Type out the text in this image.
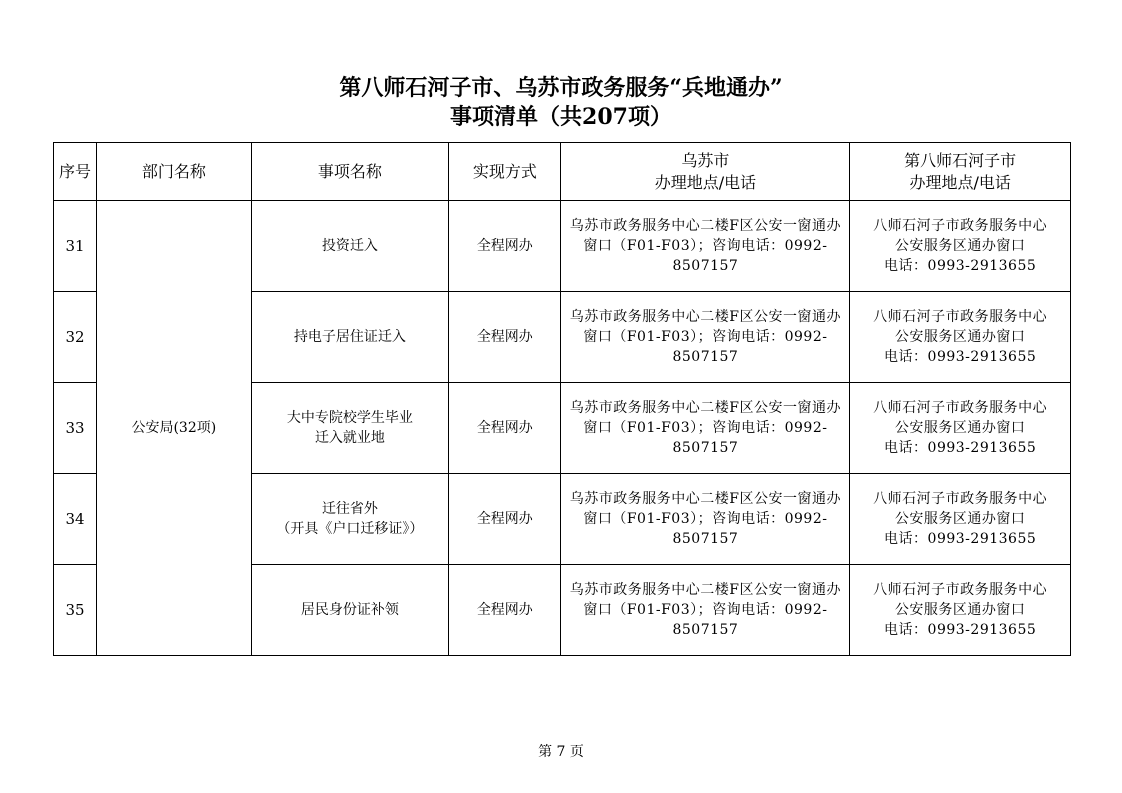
第八师石河子市、乌苏市政务服务“兵地通办”
事项清单（共207项）
序号	部门名称	事项名称	实现方式	乌苏市
办理地点/电话	第八师石河子市
办理地点/电话

31	公安局(32项)	投资迁入	全程网办	乌苏市政务服务中心二楼F区公安一窗通办
窗口（F01-F03）；咨询电话：0992-8507157	八师石河子市政务服务中心
公安服务区通办窗口
电话：0993-2913655

32		持电子居住证迁入	全程网办	乌苏市政务服务中心二楼F区公安一窗通办
窗口（F01-F03）；咨询电话：0992-8507157	八师石河子市政务服务中心
公安服务区通办窗口
电话：0993-2913655

33		大中专院校学生毕业
迁入就业地	全程网办	乌苏市政务服务中心二楼F区公安一窗通办
窗口（F01-F03）；咨询电话：0992-8507157	八师石河子市政务服务中心
公安服务区通办窗口
电话：0993-2913655

34		迁往省外
（开具《户口迁移证》）	全程网办	乌苏市政务服务中心二楼F区公安一窗通办
窗口（F01-F03）；咨询电话：0992-8507157	八师石河子市政务服务中心
公安服务区通办窗口
电话：0993-2913655

35		居民身份证补领	全程网办	乌苏市政务服务中心二楼F区公安一窗通办
窗口（F01-F03）；咨询电话：0992-8507157	八师石河子市政务服务中心
公安服务区通办窗口
电话：0993-2913655
第 7 页
